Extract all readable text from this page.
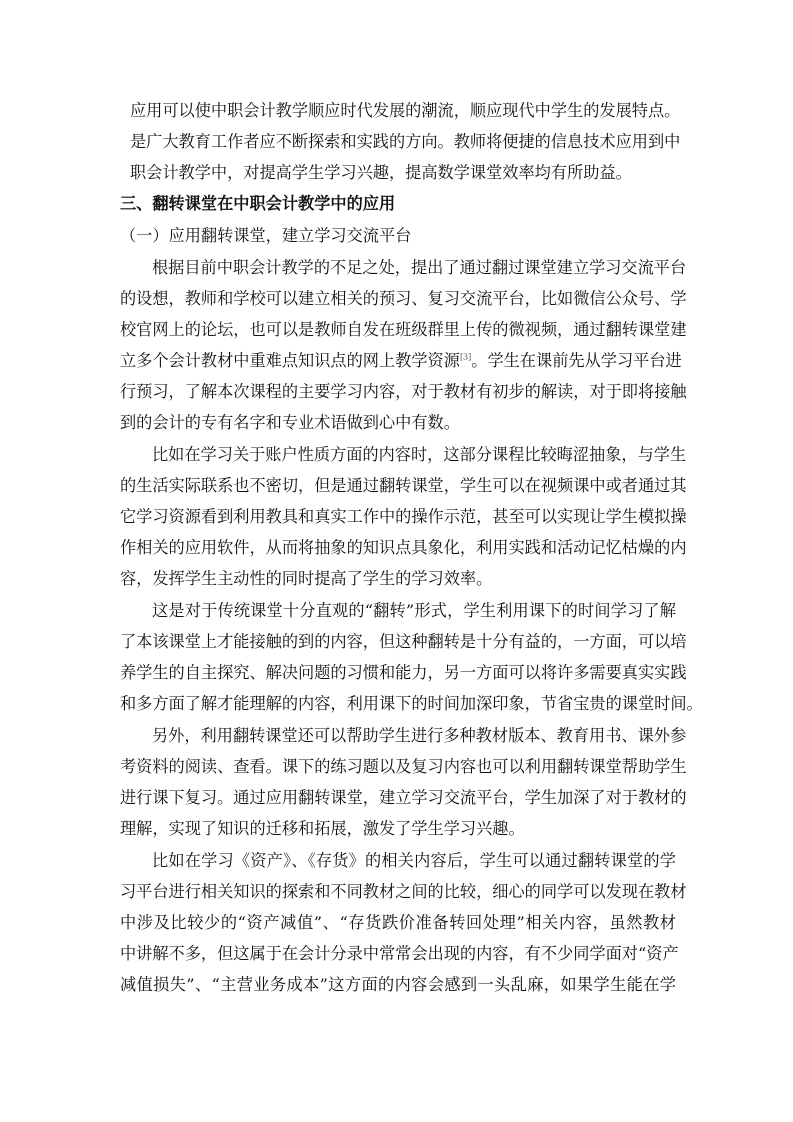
应用可以使中职会计教学顺应时代发展的潮流，顺应现代中学生的发展特点。
是广大教育工作者应不断探索和实践的方向。教师将便捷的信息技术应用到中
职会计教学中，对提高学生学习兴趣，提高数学课堂效率均有所助益。
三、翻转课堂在中职会计教学中的应用
（一）应用翻转课堂，建立学习交流平台
根据目前中职会计教学的不足之处，提出了通过翻过课堂建立学习交流平台
的设想，教师和学校可以建立相关的预习、复习交流平台，比如微信公众号、学
校官网上的论坛，也可以是教师自发在班级群里上传的微视频，通过翻转课堂建
立多个会计教材中重难点知识点的网上教学资源[3]。学生在课前先从学习平台进
行预习，了解本次课程的主要学习内容，对于教材有初步的解读，对于即将接触
到的会计的专有名字和专业术语做到心中有数。
比如在学习关于账户性质方面的内容时，这部分课程比较晦涩抽象，与学生
的生活实际联系也不密切，但是通过翻转课堂，学生可以在视频课中或者通过其
它学习资源看到利用教具和真实工作中的操作示范，甚至可以实现让学生模拟操
作相关的应用软件，从而将抽象的知识点具象化，利用实践和活动记忆枯燥的内
容，发挥学生主动性的同时提高了学生的学习效率。
这是对于传统课堂十分直观的“翻转”形式，学生利用课下的时间学习了解
了本该课堂上才能接触的到的内容，但这种翻转是十分有益的，一方面，可以培
养学生的自主探究、解决问题的习惯和能力，另一方面可以将许多需要真实实践
和多方面了解才能理解的内容，利用课下的时间加深印象，节省宝贵的课堂时间。
另外，利用翻转课堂还可以帮助学生进行多种教材版本、教育用书、课外参
考资料的阅读、查看。课下的练习题以及复习内容也可以利用翻转课堂帮助学生
进行课下复习。通过应用翻转课堂，建立学习交流平台，学生加深了对于教材的
理解，实现了知识的迁移和拓展，激发了学生学习兴趣。
比如在学习《资产》、《存货》的相关内容后，学生可以通过翻转课堂的学
习平台进行相关知识的探索和不同教材之间的比较，细心的同学可以发现在教材
中涉及比较少的“资产减值”、“存货跌价准备转回处理”相关内容，虽然教材
中讲解不多，但这属于在会计分录中常常会出现的内容，有不少同学面对“资产
减值损失”、“主营业务成本”这方面的内容会感到一头乱麻，如果学生能在学
